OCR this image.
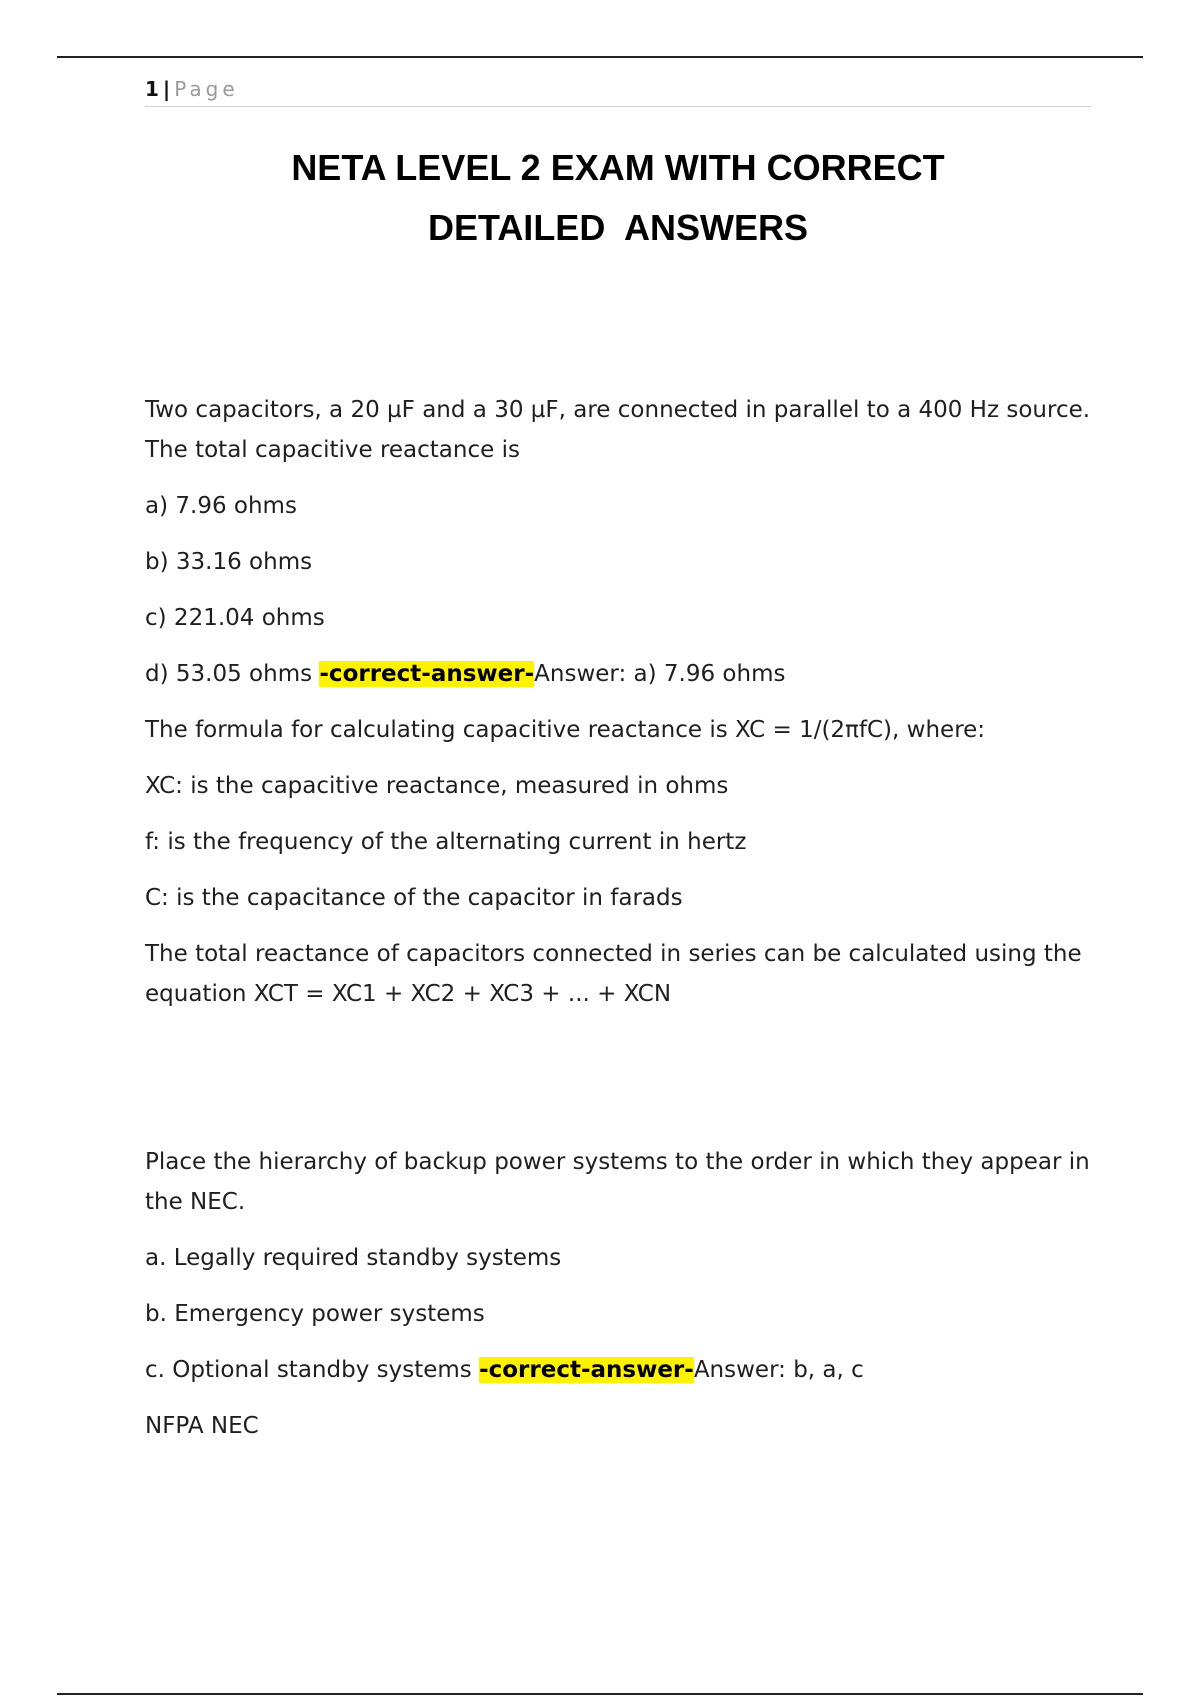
1 | Page
NETA LEVEL 2 EXAM WITH CORRECT
DETAILED  ANSWERS

Two capacitors, a 20 µF and a 30 µF, are connected in parallel to a 400 Hz source. The total capacitive reactance is

a) 7.96 ohms

b) 33.16 ohms

c) 221.04 ohms

d) 53.05 ohms -correct-answer-Answer: a) 7.96 ohms

The formula for calculating capacitive reactance is XC = 1/(2πfC), where:

XC: is the capacitive reactance, measured in ohms

f: is the frequency of the alternating current in hertz

C: is the capacitance of the capacitor in farads

The total reactance of capacitors connected in series can be calculated using the equation XCT = XC1 + XC2 + XC3 + ... + XCN

Place the hierarchy of backup power systems to the order in which they appear in the NEC.

a. Legally required standby systems

b. Emergency power systems

c. Optional standby systems -correct-answer-Answer: b, a, c

NFPA NEC
